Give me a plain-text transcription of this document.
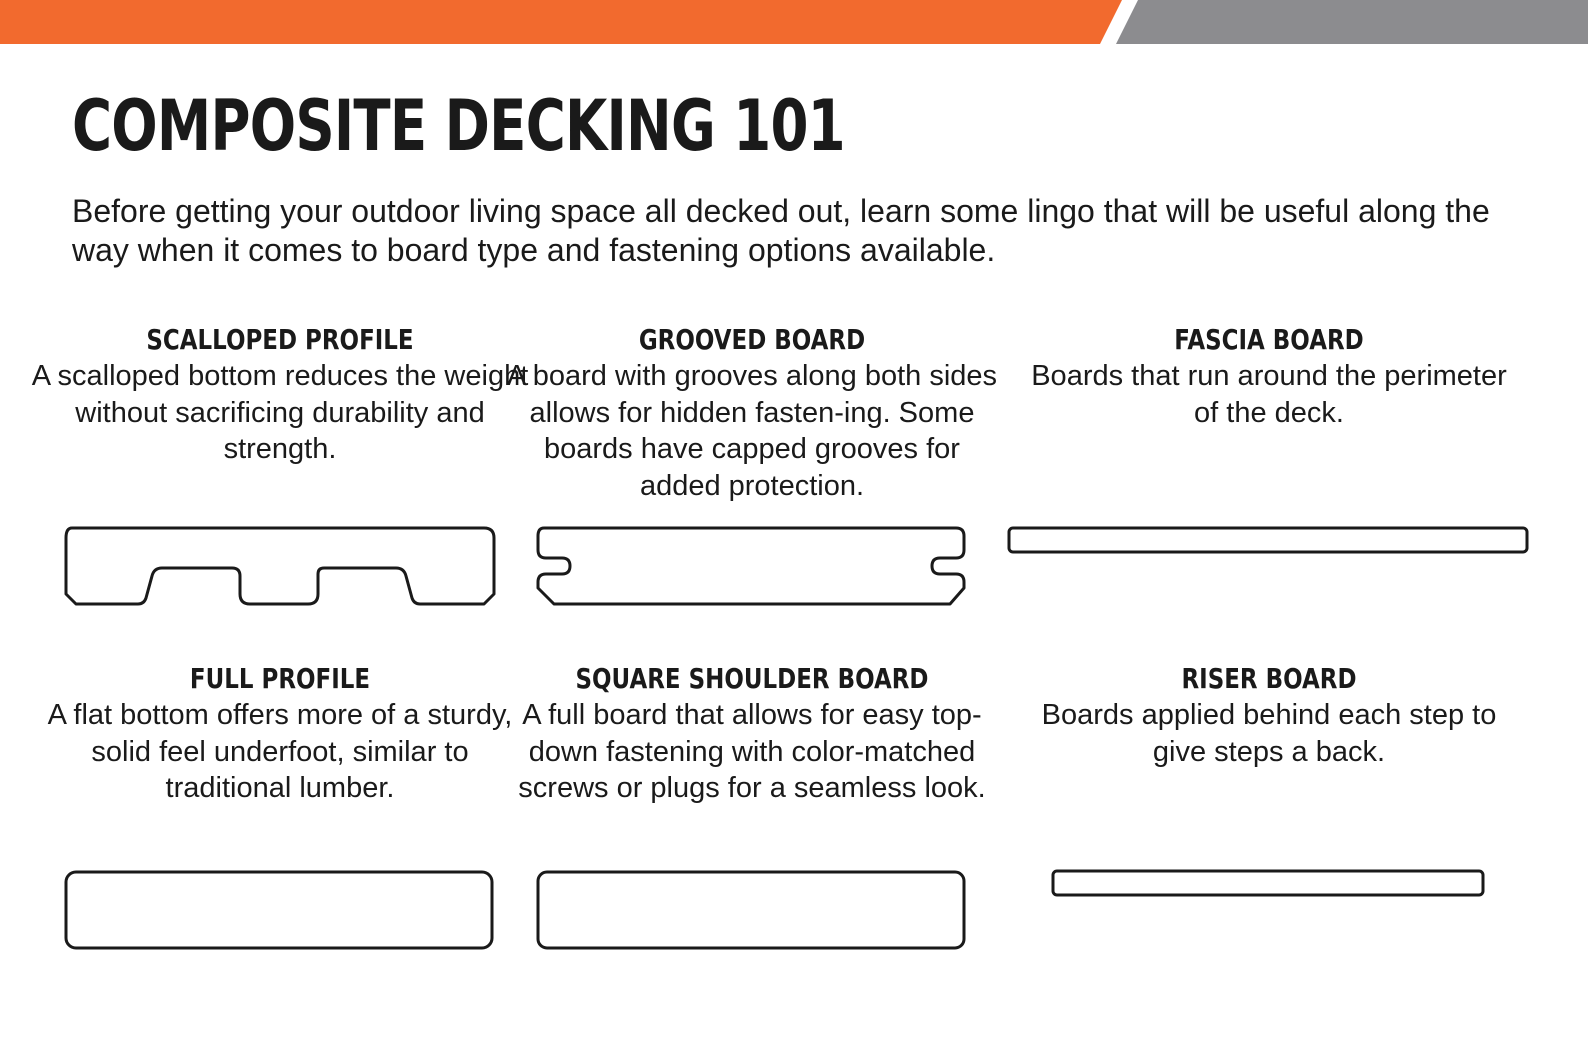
COMPOSITE DECKING 101

Before getting your outdoor living space all decked out, learn some lingo that will be useful along the way when it comes to board type and fastening options available.

SCALLOPED PROFILE

A scalloped bottom reduces the weight without sacrificing durability and strength.

GROOVED BOARD

A board with grooves along both sides allows for hidden fasten-ing. Some boards have capped grooves for added protection.

FASCIA BOARD

Boards that run around the perimeter of the deck.

FULL PROFILE

A flat bottom offers more of a sturdy, solid feel underfoot, similar to traditional lumber.

SQUARE SHOULDER BOARD

A full board that allows for easy top-down fastening with color-matched screws or plugs for a seamless look.

RISER BOARD

Boards applied behind each step to give steps a back.
